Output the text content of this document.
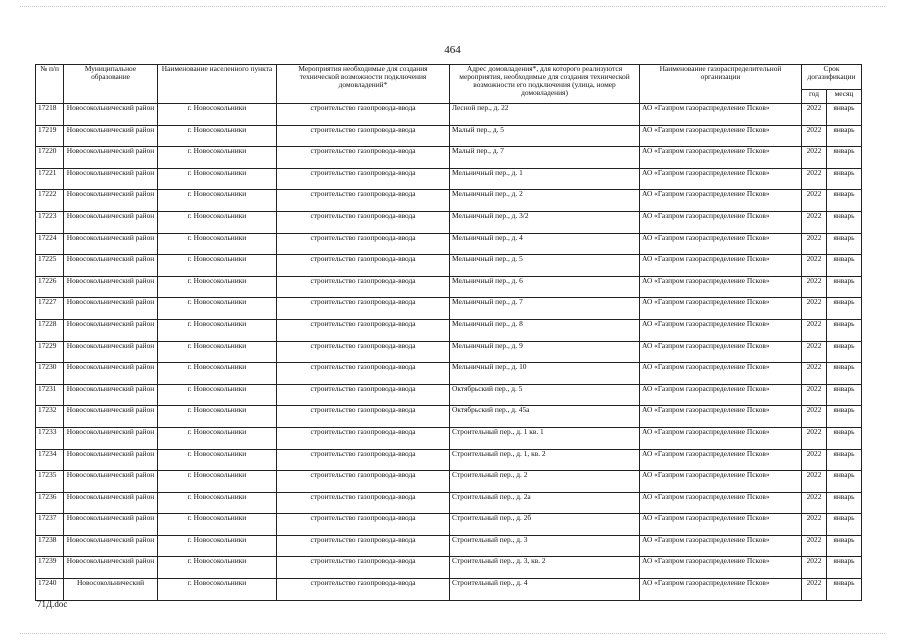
464
№ п/п	Муниципальное образование	Наименование населенного пункта	Мероприятия необходимые для создания технической возможности подключения домовладений*	Адрес домовладения*, для которого реализуются мероприятия, необходимые для создания технической возможности его подключения (улица, номер домовладения)	Наименование газораспределительной организации	Срок догазификации	
						год	месяц
17218	Новосокольнический район	г. Новосокольники	строительство газопровода-ввода	Лесной пер., д. 22	АО «Газпром газораспределение Псков»	2022	январь
17219	Новосокольнический район	г. Новосокольники	строительство газопровода-ввода	Малый пер., д. 5	АО «Газпром газораспределение Псков»	2022	январь
17220	Новосокольнический район	г. Новосокольники	строительство газопровода-ввода	Малый пер., д. 7	АО «Газпром газораспределение Псков»	2022	январь
17221	Новосокольнический район	г. Новосокольники	строительство газопровода-ввода	Мельничный пер., д. 1	АО «Газпром газораспределение Псков»	2022	январь
17222	Новосокольнический район	г. Новосокольники	строительство газопровода-ввода	Мельничный пер., д. 2	АО «Газпром газораспределение Псков»	2022	январь
17223	Новосокольнический район	г. Новосокольники	строительство газопровода-ввода	Мельничный пер., д. 3/2	АО «Газпром газораспределение Псков»	2022	январь
17224	Новосокольнический район	г. Новосокольники	строительство газопровода-ввода	Мельничный пер., д. 4	АО «Газпром газораспределение Псков»	2022	январь
17225	Новосокольнический район	г. Новосокольники	строительство газопровода-ввода	Мельничный пер., д. 5	АО «Газпром газораспределение Псков»	2022	январь
17226	Новосокольнический район	г. Новосокольники	строительство газопровода-ввода	Мельничный пер., д. 6	АО «Газпром газораспределение Псков»	2022	январь
17227	Новосокольнический район	г. Новосокольники	строительство газопровода-ввода	Мельничный пер., д. 7	АО «Газпром газораспределение Псков»	2022	январь
17228	Новосокольнический район	г. Новосокольники	строительство газопровода-ввода	Мельничный пер., д. 8	АО «Газпром газораспределение Псков»	2022	январь
17229	Новосокольнический район	г. Новосокольники	строительство газопровода-ввода	Мельничный пер., д. 9	АО «Газпром газораспределение Псков»	2022	январь
17230	Новосокольнический район	г. Новосокольники	строительство газопровода-ввода	Мельничный пер., д. 10	АО «Газпром газораспределение Псков»	2022	январь
17231	Новосокольнический район	г. Новосокольники	строительство газопровода-ввода	Октябрьский пер., д. 5	АО «Газпром газораспределение Псков»	2022	январь
17232	Новосокольнический район	г. Новосокольники	строительство газопровода-ввода	Октябрьский пер., д. 45а	АО «Газпром газораспределение Псков»	2022	январь
17233	Новосокольнический район	г. Новосокольники	строительство газопровода-ввода	Строительный пер., д. 1 кв. 1	АО «Газпром газораспределение Псков»	2022	январь
17234	Новосокольнический район	г. Новосокольники	строительство газопровода-ввода	Строительный пер., д. 1, кв. 2	АО «Газпром газораспределение Псков»	2022	январь
17235	Новосокольнический район	г. Новосокольники	строительство газопровода-ввода	Строительный пер., д. 2	АО «Газпром газораспределение Псков»	2022	январь
17236	Новосокольнический район	г. Новосокольники	строительство газопровода-ввода	Строительный пер., д. 2а	АО «Газпром газораспределение Псков»	2022	январь
17237	Новосокольнический район	г. Новосокольники	строительство газопровода-ввода	Строительный пер., д. 2б	АО «Газпром газораспределение Псков»	2022	январь
17238	Новосокольнический район	г. Новосокольники	строительство газопровода-ввода	Строительный пер., д. 3	АО «Газпром газораспределение Псков»	2022	январь
17239	Новосокольнический район	г. Новосокольники	строительство газопровода-ввода	Строительный пер., д. 3, кв. 2	АО «Газпром газораспределение Псков»	2022	январь
17240	Новосокольнический	г. Новосокольники	строительство газопровода-ввода	Строительный пер., д. 4	АО «Газпром газораспределение Псков»	2022	январь
71Д.doc
